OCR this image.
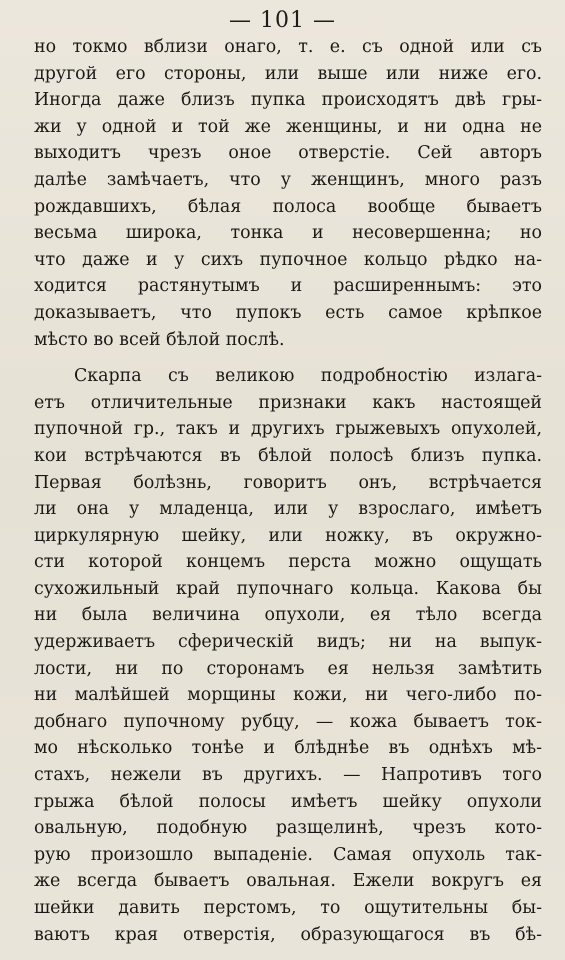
— 101 —
но токмо вблизи онаго, т. е. съ одной или съ
другой его стороны, или выше или ниже его.
Иногда даже близъ пупка происходятъ двѣ гры-
жи у одной и той же женщины, и ни одна не
выходитъ чрезъ оное отверстіе. Сей авторъ
далѣе замѣчаетъ, что у женщинъ, много разъ
рождавшихъ, бѣлая полоса вообще бываетъ
весьма широка, тонка и несовершенна; но
что даже и у сихъ пупочное кольцо рѣдко на-
ходится растянутымъ и расширеннымъ: это
доказываетъ, что пупокъ есть самое крѣпкое
мѣсто во всей бѣлой послѣ.
Скарпа съ великою подробностію излага-
етъ отличительные признаки какъ настоящей
пупочной гр., такъ и другихъ грыжевыхъ опухолей,
кои встрѣчаются въ бѣлой полосѣ близъ пупка.
Первая болѣзнь, говоритъ онъ, встрѣчается
ли она у младенца, или у взрослаго, имѣетъ
циркулярную шейку, или ножку, въ окружно-
сти которой концемъ перста можно ощущать
сухожильный край пупочнаго кольца. Какова бы
ни была величина опухоли, ея тѣло всегда
удерживаетъ сферическій видъ; ни на выпук-
лости, ни по сторонамъ ея нельзя замѣтить
ни малѣйшей морщины кожи, ни чего-либо по-
добнаго пупочному рубцу, — кожа бываетъ ток-
мо нѣсколько тонѣе и блѣднѣе въ однѣхъ мѣ-
стахъ, нежели въ другихъ. — Напротивъ того
грыжа бѣлой полосы имѣетъ шейку опухоли
овальную, подобную разщелинѣ, чрезъ кото-
рую произошло выпаденіе. Самая опухоль так-
же всегда бываетъ овальная. Ежели вокругъ ея
шейки давить перстомъ, то ощутительны бы-
ваютъ края отверстія, образующагося въ бѣ-
